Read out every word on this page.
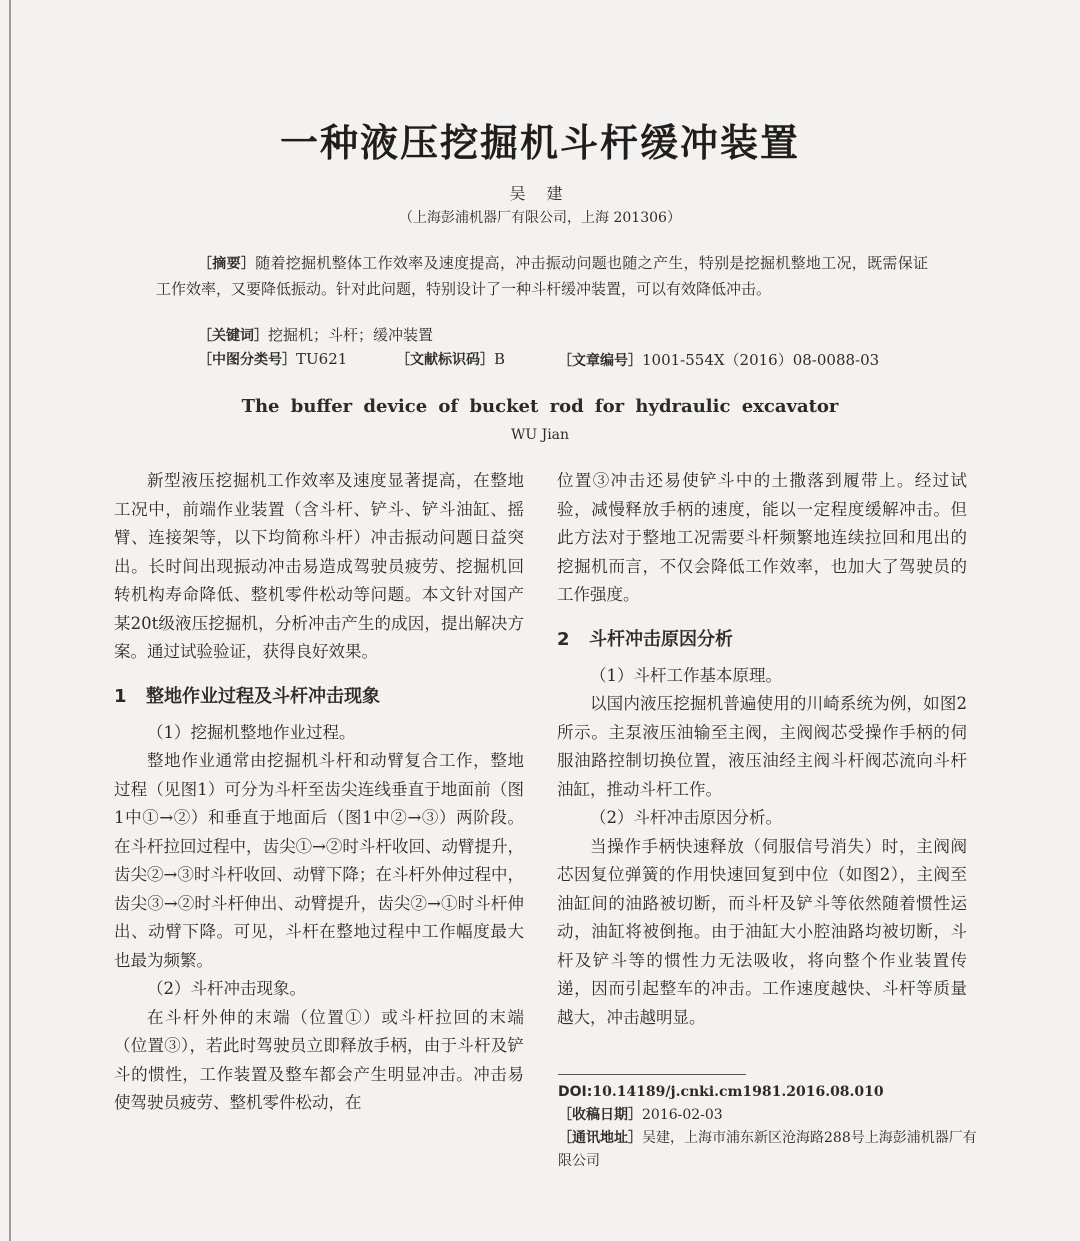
一种液压挖掘机斗杆缓冲装置
吴 建
（上海彭浦机器厂有限公司，上海 201306）
［摘要］随着挖掘机整体工作效率及速度提高，冲击振动问题也随之产生，特别是挖掘机整地工况，既需保证工作效率，又要降低振动。针对此问题，特别设计了一种斗杆缓冲装置，可以有效降低冲击。
［关键词］挖掘机；斗杆；缓冲装置
［中图分类号］TU621	［文献标识码］B	［文章编号］1001-554X（2016）08-0088-03
The buffer device of bucket rod for hydraulic excavator
WU Jian

新型液压挖掘机工作效率及速度显著提高，在整地工况中，前端作业装置（含斗杆、铲斗、铲斗油缸、摇臂、连接架等，以下均简称斗杆）冲击振动问题日益突出。长时间出现振动冲击易造成驾驶员疲劳、挖掘机回转机构寿命降低、整机零件松动等问题。本文针对国产某20t级液压挖掘机，分析冲击产生的成因，提出解决方案。通过试验验证，获得良好效果。

1 整地作业过程及斗杆冲击现象

（1）挖掘机整地作业过程。

整地作业通常由挖掘机斗杆和动臂复合工作，整地过程（见图1）可分为斗杆至齿尖连线垂直于地面前（图1中①→②）和垂直于地面后（图1中②→③）两阶段。在斗杆拉回过程中，齿尖①→②时斗杆收回、动臂提升，齿尖②→③时斗杆收回、动臂下降；在斗杆外伸过程中，齿尖③→②时斗杆伸出、动臂提升，齿尖②→①时斗杆伸出、动臂下降。可见，斗杆在整地过程中工作幅度最大也最为频繁。

（2）斗杆冲击现象。

在斗杆外伸的末端（位置①）或斗杆拉回的末端（位置③），若此时驾驶员立即释放手柄，由于斗杆及铲斗的惯性，工作装置及整车都会产生明显冲击。冲击易使驾驶员疲劳、整机零件松动，在

位置③冲击还易使铲斗中的土撒落到履带上。经过试验，减慢释放手柄的速度，能以一定程度缓解冲击。但此方法对于整地工况需要斗杆频繁地连续拉回和甩出的挖掘机而言，不仅会降低工作效率，也加大了驾驶员的工作强度。

2 斗杆冲击原因分析

（1）斗杆工作基本原理。

以国内液压挖掘机普遍使用的川崎系统为例，如图2所示。主泵液压油输至主阀，主阀阀芯受操作手柄的伺服油路控制切换位置，液压油经主阀斗杆阀芯流向斗杆油缸，推动斗杆工作。

（2）斗杆冲击原因分析。

当操作手柄快速释放（伺服信号消失）时，主阀阀芯因复位弹簧的作用快速回复到中位（如图2），主阀至油缸间的油路被切断，而斗杆及铲斗等依然随着惯性运动，油缸将被倒拖。由于油缸大小腔油路均被切断，斗杆及铲斗等的惯性力无法吸收，将向整个作业装置传递，因而引起整车的冲击。工作速度越快、斗杆等质量越大，冲击越明显。

DOI:10.14189/j.cnki.cm1981.2016.08.010
［收稿日期］2016-02-03
［通讯地址］吴建，上海市浦东新区沧海路288号上海彭浦机器厂有限公司
